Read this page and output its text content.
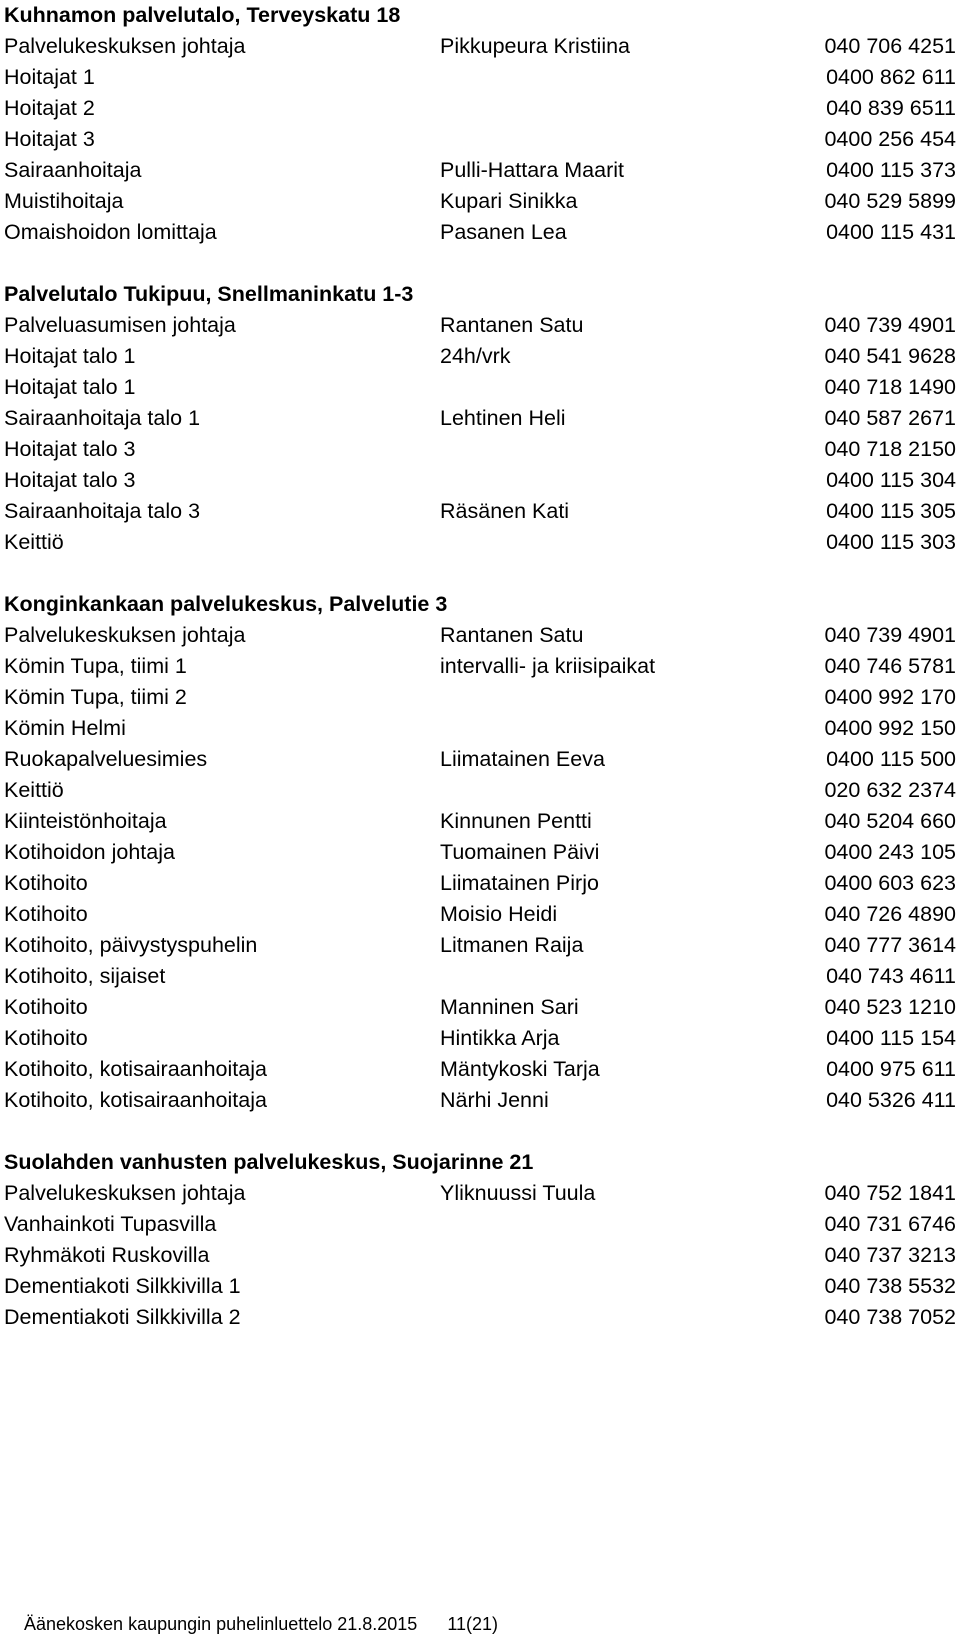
Kuhnamon palvelutalo, Terveyskatu 18
Palvelukeskuksen johtaja	Pikkupeura Kristiina	040 706 4251
Hoitajat 1	0400 862 611
Hoitajat 2	040 839 6511
Hoitajat 3	0400 256 454
Sairaanhoitaja	Pulli-Hattara Maarit	0400 115 373
Muistihoitaja	Kupari Sinikka	040 529 5899
Omaishoidon lomittaja	Pasanen Lea	0400 115 431
Palvelutalo Tukipuu, Snellmaninkatu 1-3
Palveluasumisen johtaja	Rantanen Satu	040 739 4901
Hoitajat talo 1	24h/vrk	040 541 9628
Hoitajat talo 1	040 718 1490
Sairaanhoitaja talo 1	Lehtinen Heli	040 587 2671
Hoitajat talo 3	040 718 2150
Hoitajat talo 3	0400 115 304
Sairaanhoitaja talo 3	Räsänen Kati	0400 115 305
Keittiö	0400 115 303
Konginkankaan palvelukeskus, Palvelutie 3
Palvelukeskuksen johtaja	Rantanen Satu	040 739 4901
Kömin Tupa, tiimi 1	intervalli- ja kriisipaikat	040 746 5781
Kömin Tupa, tiimi 2	0400 992 170
Kömin Helmi	0400 992 150
Ruokapalveluesimies	Liimatainen Eeva	0400 115 500
Keittiö	020 632 2374
Kiinteistönhoitaja	Kinnunen Pentti	040 5204 660
Kotihoidon johtaja	Tuomainen Päivi	0400 243 105
Kotihoito	Liimatainen Pirjo	0400 603 623
Kotihoito	Moisio Heidi	040 726 4890
Kotihoito, päivystyspuhelin	Litmanen Raija	040 777 3614
Kotihoito, sijaiset	040 743 4611
Kotihoito	Manninen Sari	040 523 1210
Kotihoito	Hintikka Arja	0400 115 154
Kotihoito, kotisairaanhoitaja	Mäntykoski Tarja	0400 975 611
Kotihoito, kotisairaanhoitaja	Närhi Jenni	040 5326 411
Suolahden vanhusten palvelukeskus, Suojarinne 21
Palvelukeskuksen johtaja	Yliknuussi Tuula	040 752 1841
Vanhainkoti Tupasvilla	040 731 6746
Ryhmäkoti Ruskovilla	040 737 3213
Dementiakoti Silkkivilla 1	040 738 5532
Dementiakoti Silkkivilla 2	040 738 7052
Äänekosken kaupungin puhelinluettelo 21.8.2015 11(21)
